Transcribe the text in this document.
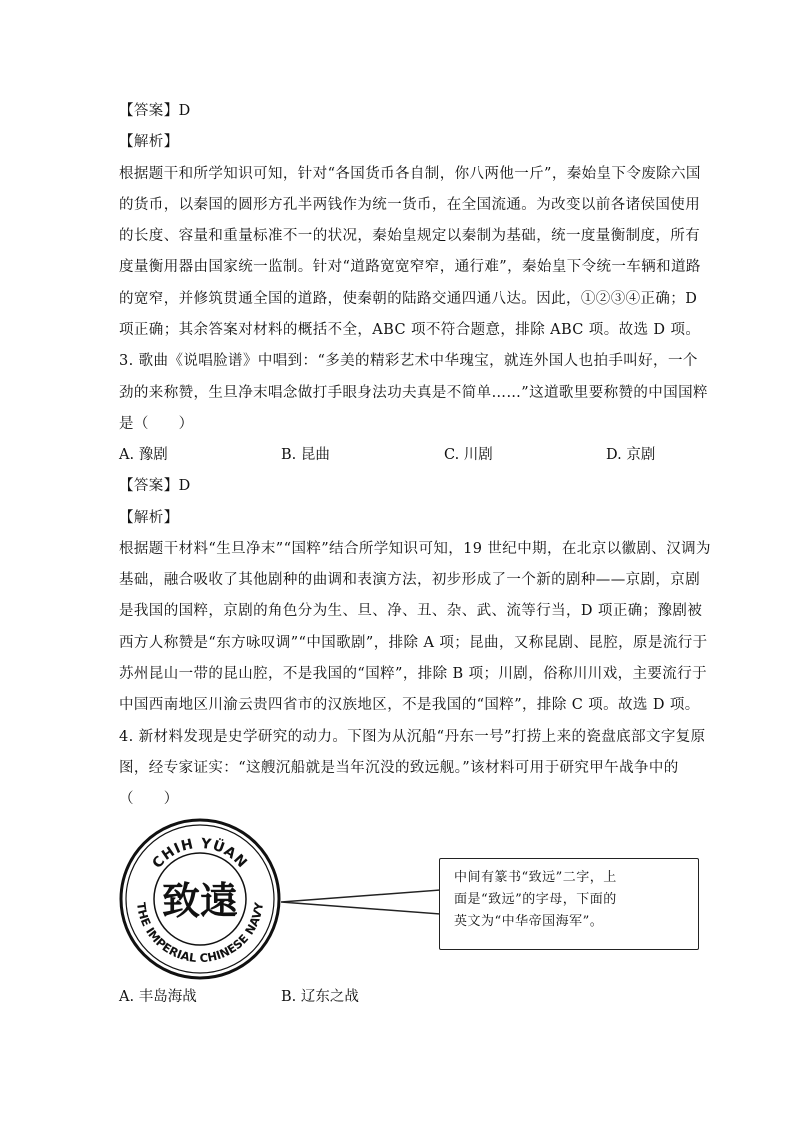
【答案】D
【解析】
根据题干和所学知识可知，针对“各国货币各自制，你八两他一斤”，秦始皇下令废除六国
的货币，以秦国的圆形方孔半两钱作为统一货币，在全国流通。为改变以前各诸侯国使用
的长度、容量和重量标准不一的状况，秦始皇规定以秦制为基础，统一度量衡制度，所有
度量衡用器由国家统一监制。针对“道路宽宽窄窄，通行难”，秦始皇下令统一车辆和道路
的宽窄，并修筑贯通全国的道路，使秦朝的陆路交通四通八达。因此，①②③④正确；D
项正确；其余答案对材料的概括不全，ABC 项不符合题意，排除 ABC 项。故选 D 项。
3. 歌曲《说唱脸谱》中唱到：“多美的精彩艺术中华瑰宝，就连外国人也拍手叫好，一个
劲的来称赞，生旦净末唱念做打手眼身法功夫真是不简单……”这道歌里要称赞的中国国粹
是（　　）
A. 豫剧	B. 昆曲	C. 川剧	D. 京剧
【答案】D
【解析】
根据题干材料“生旦净末”“国粹”结合所学知识可知，19 世纪中期，在北京以徽剧、汉调为
基础，融合吸收了其他剧种的曲调和表演方法，初步形成了一个新的剧种——京剧，京剧
是我国的国粹，京剧的角色分为生、旦、净、丑、杂、武、流等行当，D 项正确；豫剧被
西方人称赞是“东方咏叹调”“中国歌剧”，排除 A 项；昆曲，又称昆剧、昆腔，原是流行于
苏州昆山一带的昆山腔，不是我国的“国粹”，排除 B 项；川剧，俗称川川戏，主要流行于
中国西南地区川渝云贵四省市的汉族地区，不是我国的“国粹”，排除 C 项。故选 D 项。
4. 新材料发现是史学研究的动力。下图为从沉船“丹东一号”打捞上来的瓷盘底部文字复原
图，经专家证实：“这艘沉船就是当年沉没的致远舰。”该材料可用于研究甲午战争中的
（　　）
CHIH YÜAN
THE IMPERIAL CHINESE NAVY
致遠
中间有篆书“致远”二字，上
面是“致远”的字母，下面的
英文为“中华帝国海军”。
A. 丰岛海战	B. 辽东之战
